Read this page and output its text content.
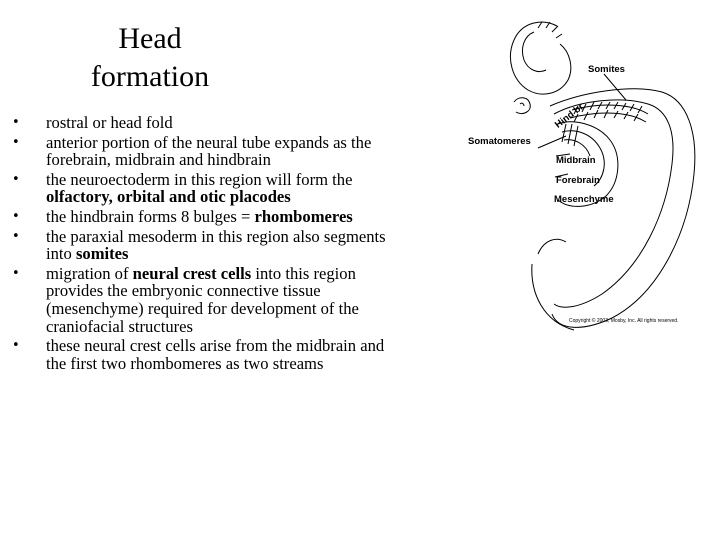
Head
formation
• rostral or head fold
• anterior portion of the neural tube expands as the forebrain, midbrain and hindbrain
• the neuroectoderm in this region will form the olfactory, orbital and otic placodes
• the hindbrain forms 8 bulges = rhombomeres
• the paraxial mesoderm in this region also segments into somites
• migration of neural crest cells into this region provides the embryonic connective tissue (mesenchyme) required for development of the craniofacial structures
• these neural crest cells arise from the midbrain and the first two rhombomeres as two streams
Somites
Somatomeres
Hind br
Midbrain
Forebrain
Mesenchyme
Copyright © 2003, Mosby, Inc. All rights reserved.
